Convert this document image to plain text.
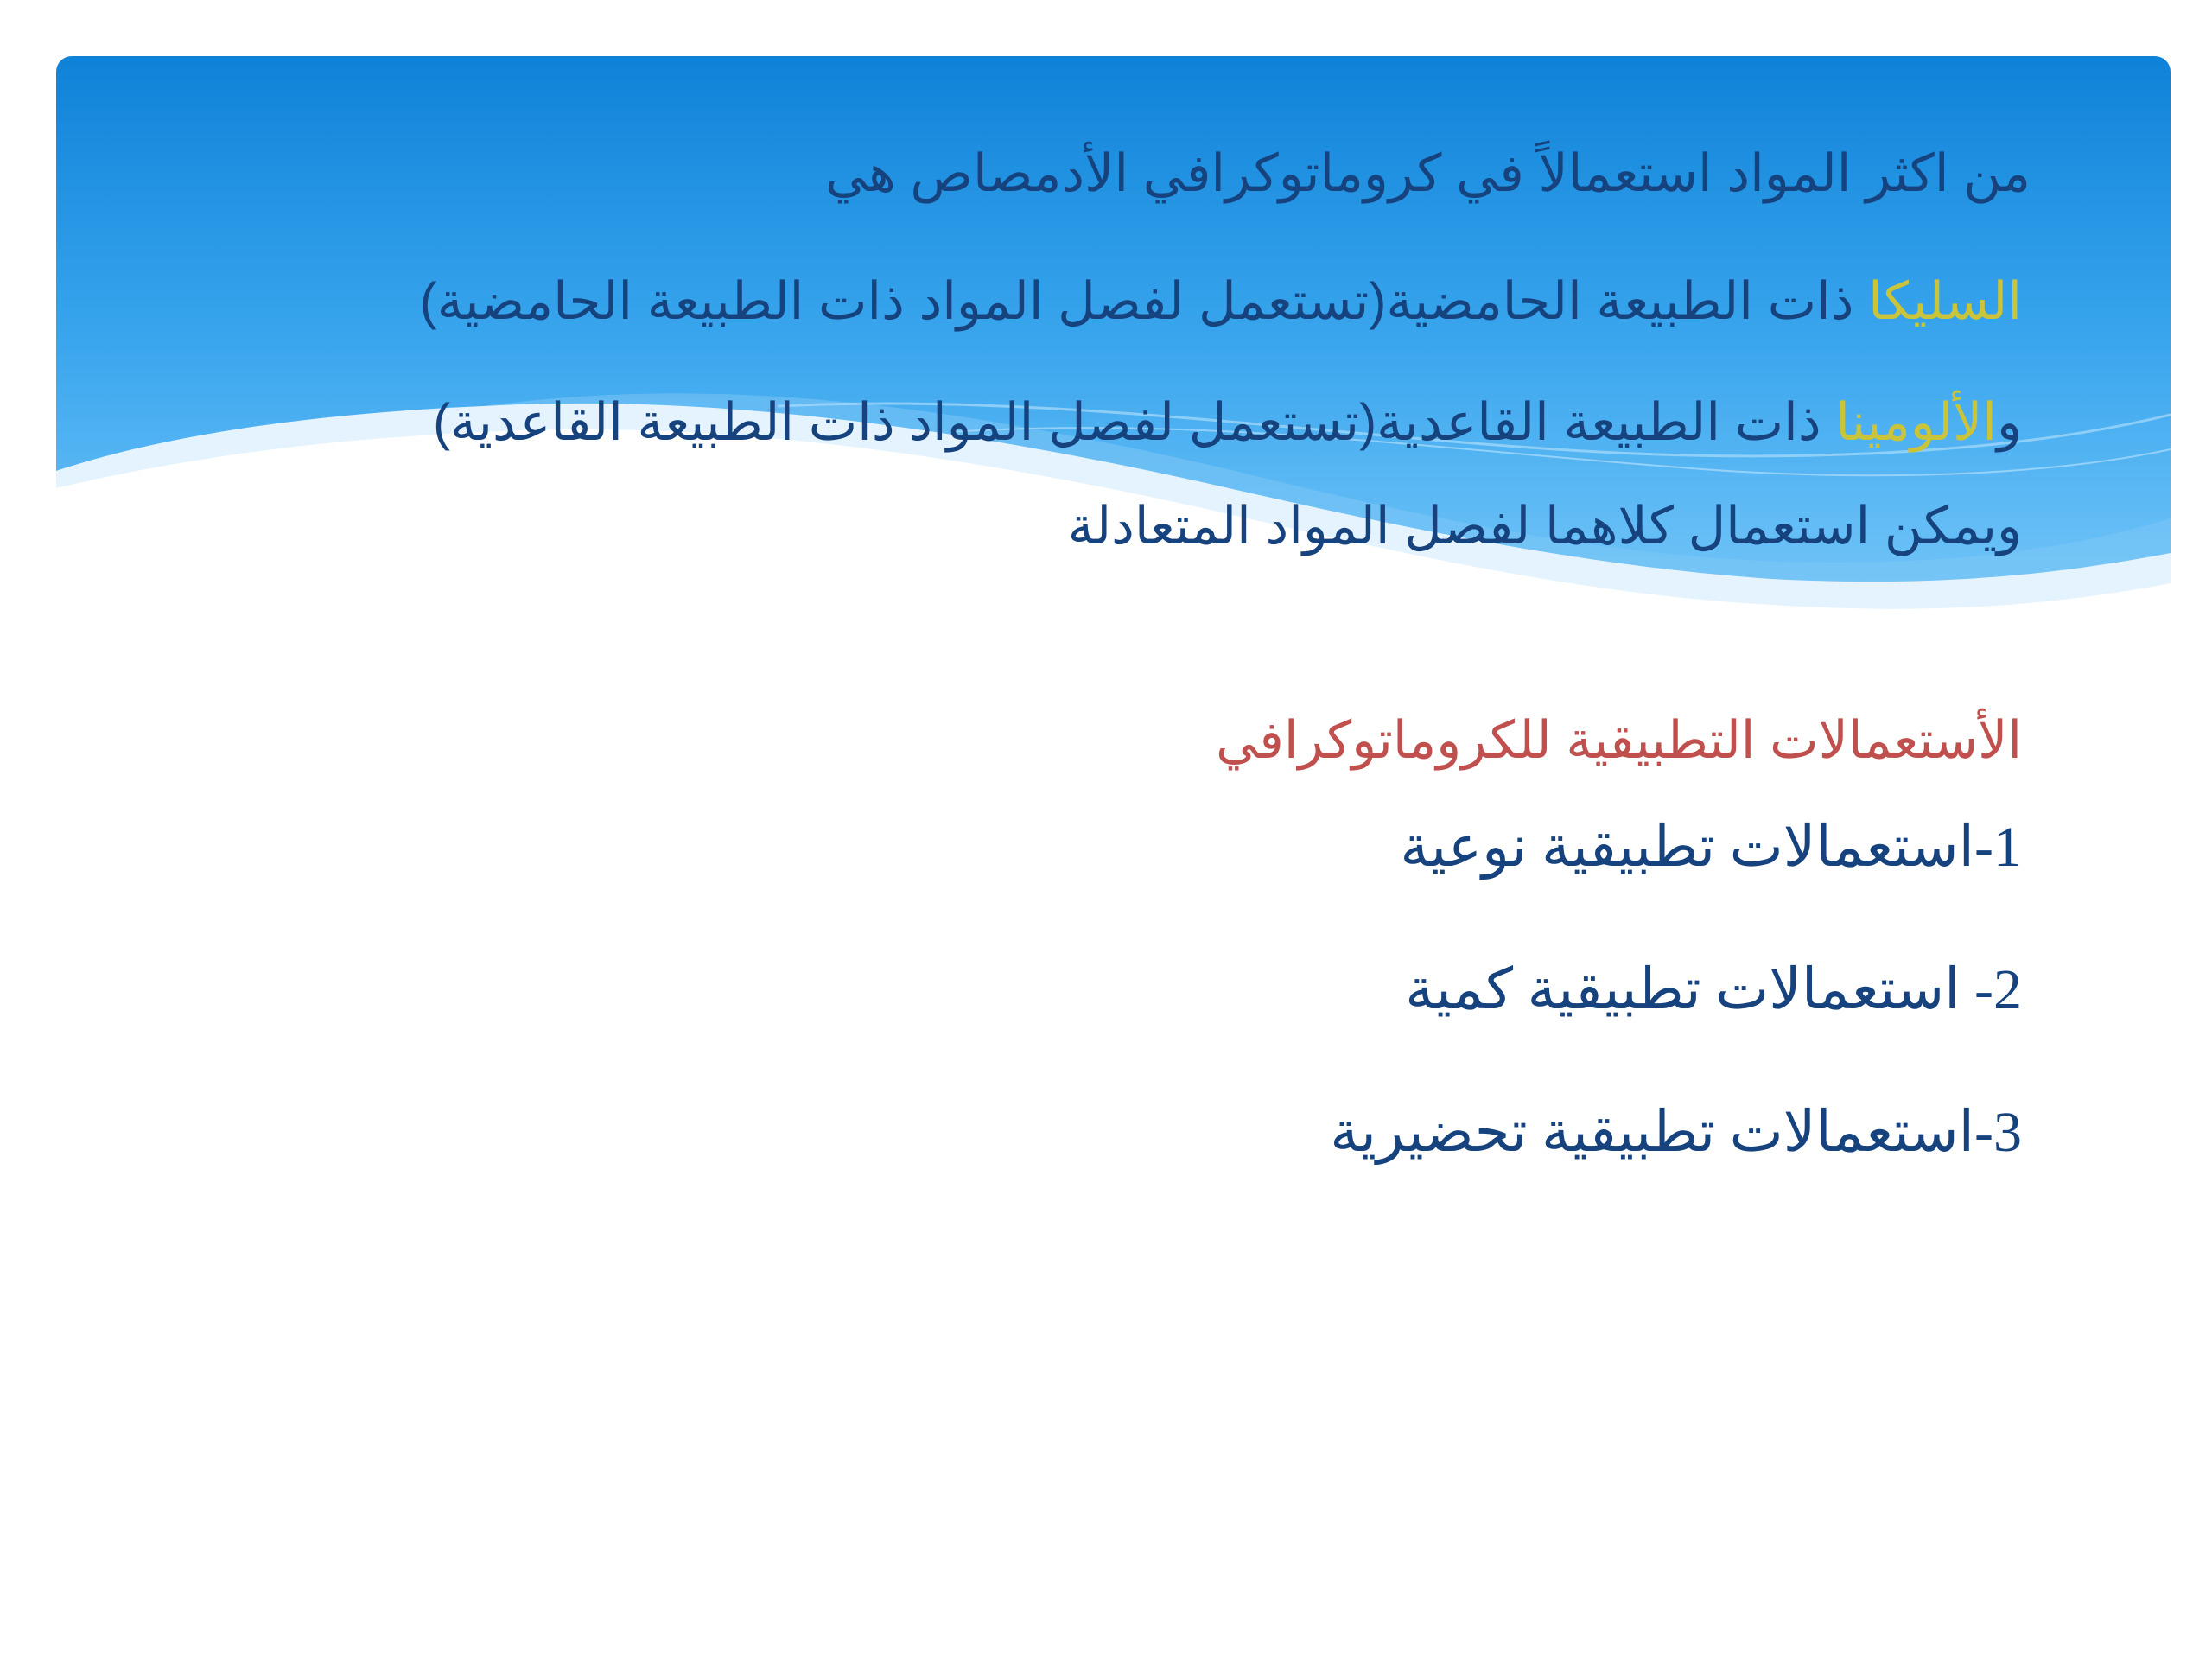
من اكثر المواد استعمالاً في كروماتوكرافي الأدمصاص هي

السليكا ذات الطبيعة الحامضية(تستعمل لفصل المواد ذات الطبيعة الحامضية)

والألومينا ذات الطبيعة القاعدية(تستعمل لفصل المواد ذات الطبيعة القاعدية)

ويمكن استعمال كلاهما لفصل المواد المتعادلة

الأستعمالات التطبيقية للكروماتوكرافي

1-استعمالات تطبيقية نوعية

2- استعمالات تطبيقية كمية

3-استعمالات تطبيقية تحضيرية
